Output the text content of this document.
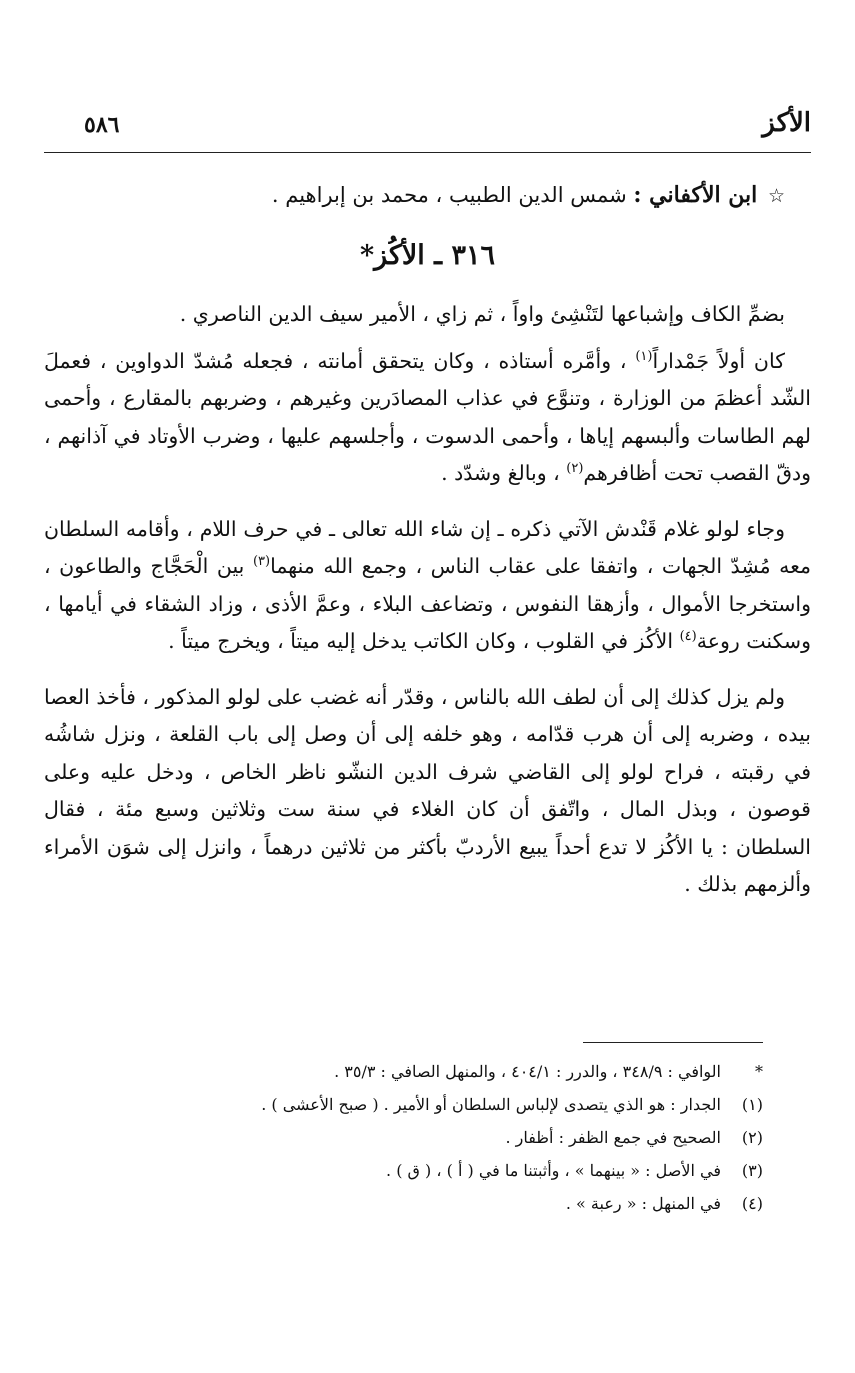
الأكز
٥٨٦
☆ ابن الأكفاني : شمس الدين الطبيب ، محمد بن إبراهيم .
٣١٦ ـ الأكُز*

بضمِّ الكاف وإشباعها لتَنْشِئ واواً ، ثم زاي ، الأمير سيف الدين الناصري .

كان أولاً جَمْداراً$^{(١)}$ ، وأمَّره أستاذه ، وكان يتحقق أمانته ، فجعله مُشدّ الدواوين ، فعملَ الشّد أعظمَ من الوزارة ، وتنوَّع في عذاب المصادَرين وغيرهم ، وضربهم بالمقارع ، وأحمى لهم الطاسات وألبسهم إياها ، وأحمى الدسوت ، وأجلسهم عليها ، وضرب الأوتاد في آذانهم ، ودقّ القصب تحت أظافرهم$^{(٢)}$ ، وبالغ وشدّد .

وجاء لولو غلام قَنْدش الآتي ذكره ـ إن شاء الله تعالى ـ في حرف اللام ، وأقامه السلطان معه مُشِدّ الجهات ، واتفقا على عقاب الناس ، وجمع الله منهما$^{(٣)}$ بين الْحَجَّاج والطاعون ، واستخرجا الأموال ، وأزهقا النفوس ، وتضاعف البلاء ، وعمَّ الأذى ، وزاد الشقاء في أيامها ، وسكنت روعة$^{(٤)}$ الأكُز في القلوب ، وكان الكاتب يدخل إليه ميتاً ، ويخرج ميتاً .

ولم يزل كذلك إلى أن لطف الله بالناس ، وقدّر أنه غضب على لولو المذكور ، فأخذ العصا بيده ، وضربه إلى أن هرب قدّامه ، وهو خلفه إلى أن وصل إلى باب القلعة ، ونزل شاشُه في رقبته ، فراح لولو إلى القاضي شرف الدين النشّو ناظر الخاص ، ودخل عليه وعلى قوصون ، وبذل المال ، واتّفق أن كان الغلاء في سنة ست وثلاثين وسبع مئة ، فقال السلطان : يا الأكُز لا تدع أحداً يبيع الأردبّ بأكثر من ثلاثين درهماً ، وانزل إلى شوَن الأمراء وألزمهم بذلك .

*
الوافي : ٣٤٨/٩ ، والدرر : ٤٠٤/١ ، والمنهل الصافي : ٣٥/٣ .
(١)
الجدار : هو الذي يتصدى لإلباس السلطان أو الأمير . ( صبح الأعشى ) .
(٢)
الصحيح في جمع الظفر : أظفار .
(٣)
في الأصل : « بينهما » ، وأثبتنا ما في ( أ ) ، ( ق ) .
(٤)
في المنهل : « رعبة » .
